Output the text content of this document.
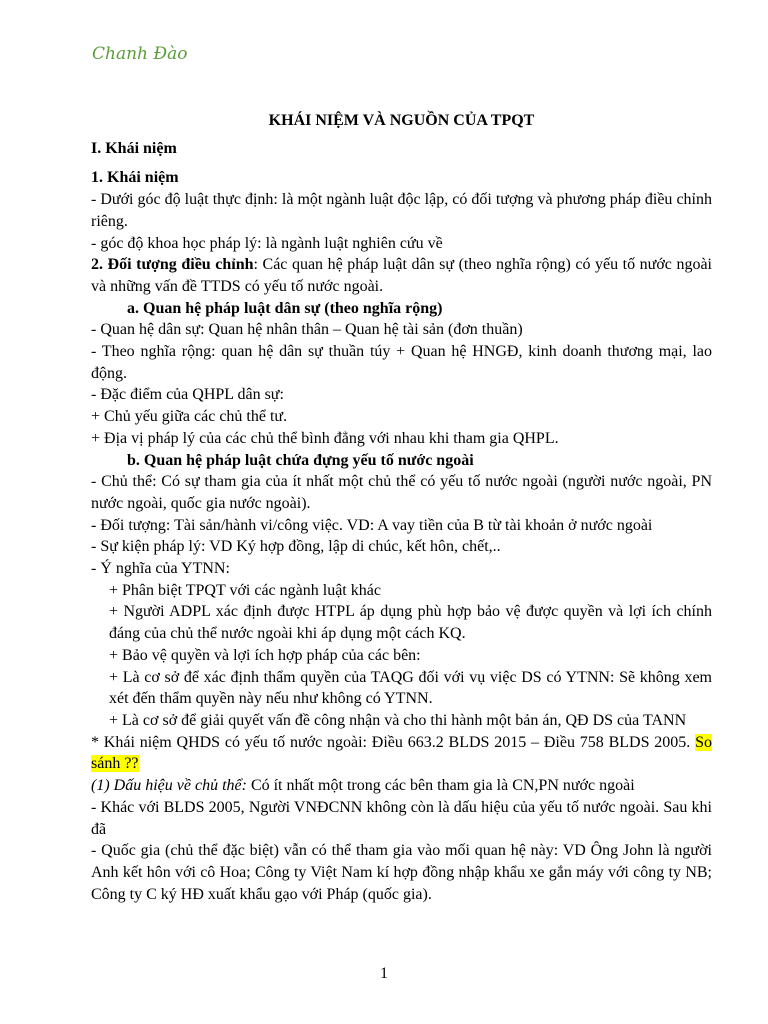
Chanh Đào

KHÁI NIỆM VÀ NGUỒN CỦA TPQT

I. Khái niệm

1. Khái niệm

- Dưới góc độ luật thực định: là một ngành luật độc lập, có đối tượng và phương pháp điều chỉnh riêng.

- góc độ khoa học pháp lý: là ngành luật nghiên cứu về

2. Đối tượng điều chỉnh: Các quan hệ pháp luật dân sự (theo nghĩa rộng) có yếu tố nước ngoài và những vấn đề TTDS có yếu tố nước ngoài.

a. Quan hệ pháp luật dân sự (theo nghĩa rộng)

- Quan hệ dân sự: Quan hệ nhân thân – Quan hệ tài sản (đơn thuần)

- Theo nghĩa rộng: quan hệ dân sự thuần túy + Quan hệ HNGĐ, kinh doanh thương mại, lao động.

- Đặc điểm của QHPL dân sự:

+ Chủ yếu giữa các chủ thể tư.

+ Địa vị pháp lý của các chủ thể bình đẳng với nhau khi tham gia QHPL.

b. Quan hệ pháp luật chứa đựng yếu tố nước ngoài

- Chủ thể: Có sự tham gia của ít nhất một chủ thể có yếu tố nước ngoài (người nước ngoài, PN nước ngoài, quốc gia nước ngoài).

- Đối tượng: Tài sản/hành vi/công việc. VD: A vay tiền của B từ tài khoản ở nước ngoài

- Sự kiện pháp lý: VD Ký hợp đồng, lập di chúc, kết hôn, chết,..

- Ý nghĩa của YTNN:

+ Phân biệt TPQT với các ngành luật khác

+ Người ADPL xác định được HTPL áp dụng phù hợp bảo vệ được quyền và lợi ích chính đáng của chủ thể nước ngoài khi áp dụng một cách KQ.

+ Bảo vệ quyền và lợi ích hợp pháp của các bên:

+ Là cơ sở để xác định thẩm quyền của TAQG đối với vụ việc DS có YTNN: Sẽ không xem xét đến thẩm quyền này nếu như không có YTNN.

+ Là cơ sở để giải quyết vấn đề công nhận và cho thi hành một bản án, QĐ DS của TANN

* Khái niệm QHDS có yếu tố nước ngoài: Điều 663.2 BLDS 2015 – Điều 758 BLDS 2005. So sánh ??

(1) Dấu hiệu về chủ thể: Có ít nhất một trong các bên tham gia là CN,PN nước ngoài

- Khác với BLDS 2005, Người VNĐCNN không còn là dấu hiệu của yếu tố nước ngoài. Sau khi đã

- Quốc gia (chủ thể đặc biệt) vẫn có thể tham gia vào mối quan hệ này: VD Ông John là người Anh kết hôn với cô Hoa; Công ty Việt Nam kí hợp đồng nhập khẩu xe gắn máy với công ty NB; Công ty C ký HĐ xuất khẩu gạo với Pháp (quốc gia).

1
